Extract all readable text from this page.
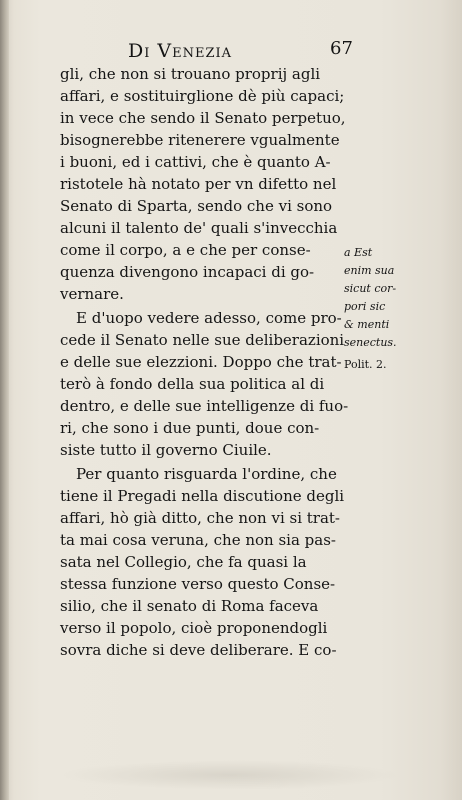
Di Venezia	67
gli, che non si trouano proprij agli
affari, e sostituirglione dè più capaci;
in vece che sendo il Senato perpetuo,
bisognerebbe ritenerere vgualmente
i buoni, ed i cattivi, che è quanto A-
ristotele hà notato per vn difetto nel
Senato di Sparta, sendo che vi sono
alcuni il talento de' quali s'invecchia
come il corpo, a e che per conse-
quenza divengono incapaci di go-
vernare.
E d'uopo vedere adesso, come pro-
cede il Senato nelle sue deliberazioni
e delle sue elezzioni. Doppo che trat-
terò à fondo della sua politica al di
dentro, e delle sue intelligenze di fuo-
ri, che sono i due punti, doue con-
siste tutto il governo Ciuile.
Per quanto risguarda l'ordine, che
tiene il Pregadi nella discutione degli
affari, hò già ditto, che non vi si trat-
ta mai cosa veruna, che non sia pas-
sata nel Collegio, che fa quasi la
stessa funzione verso questo Conse-
silio, che il senato di Roma faceva
verso il popolo, cioè proponendogli
sovra diche si deve deliberare. E co-
a Est
enim sua
sicut cor-
pori sic
& menti
senectus.
Polit. 2.
